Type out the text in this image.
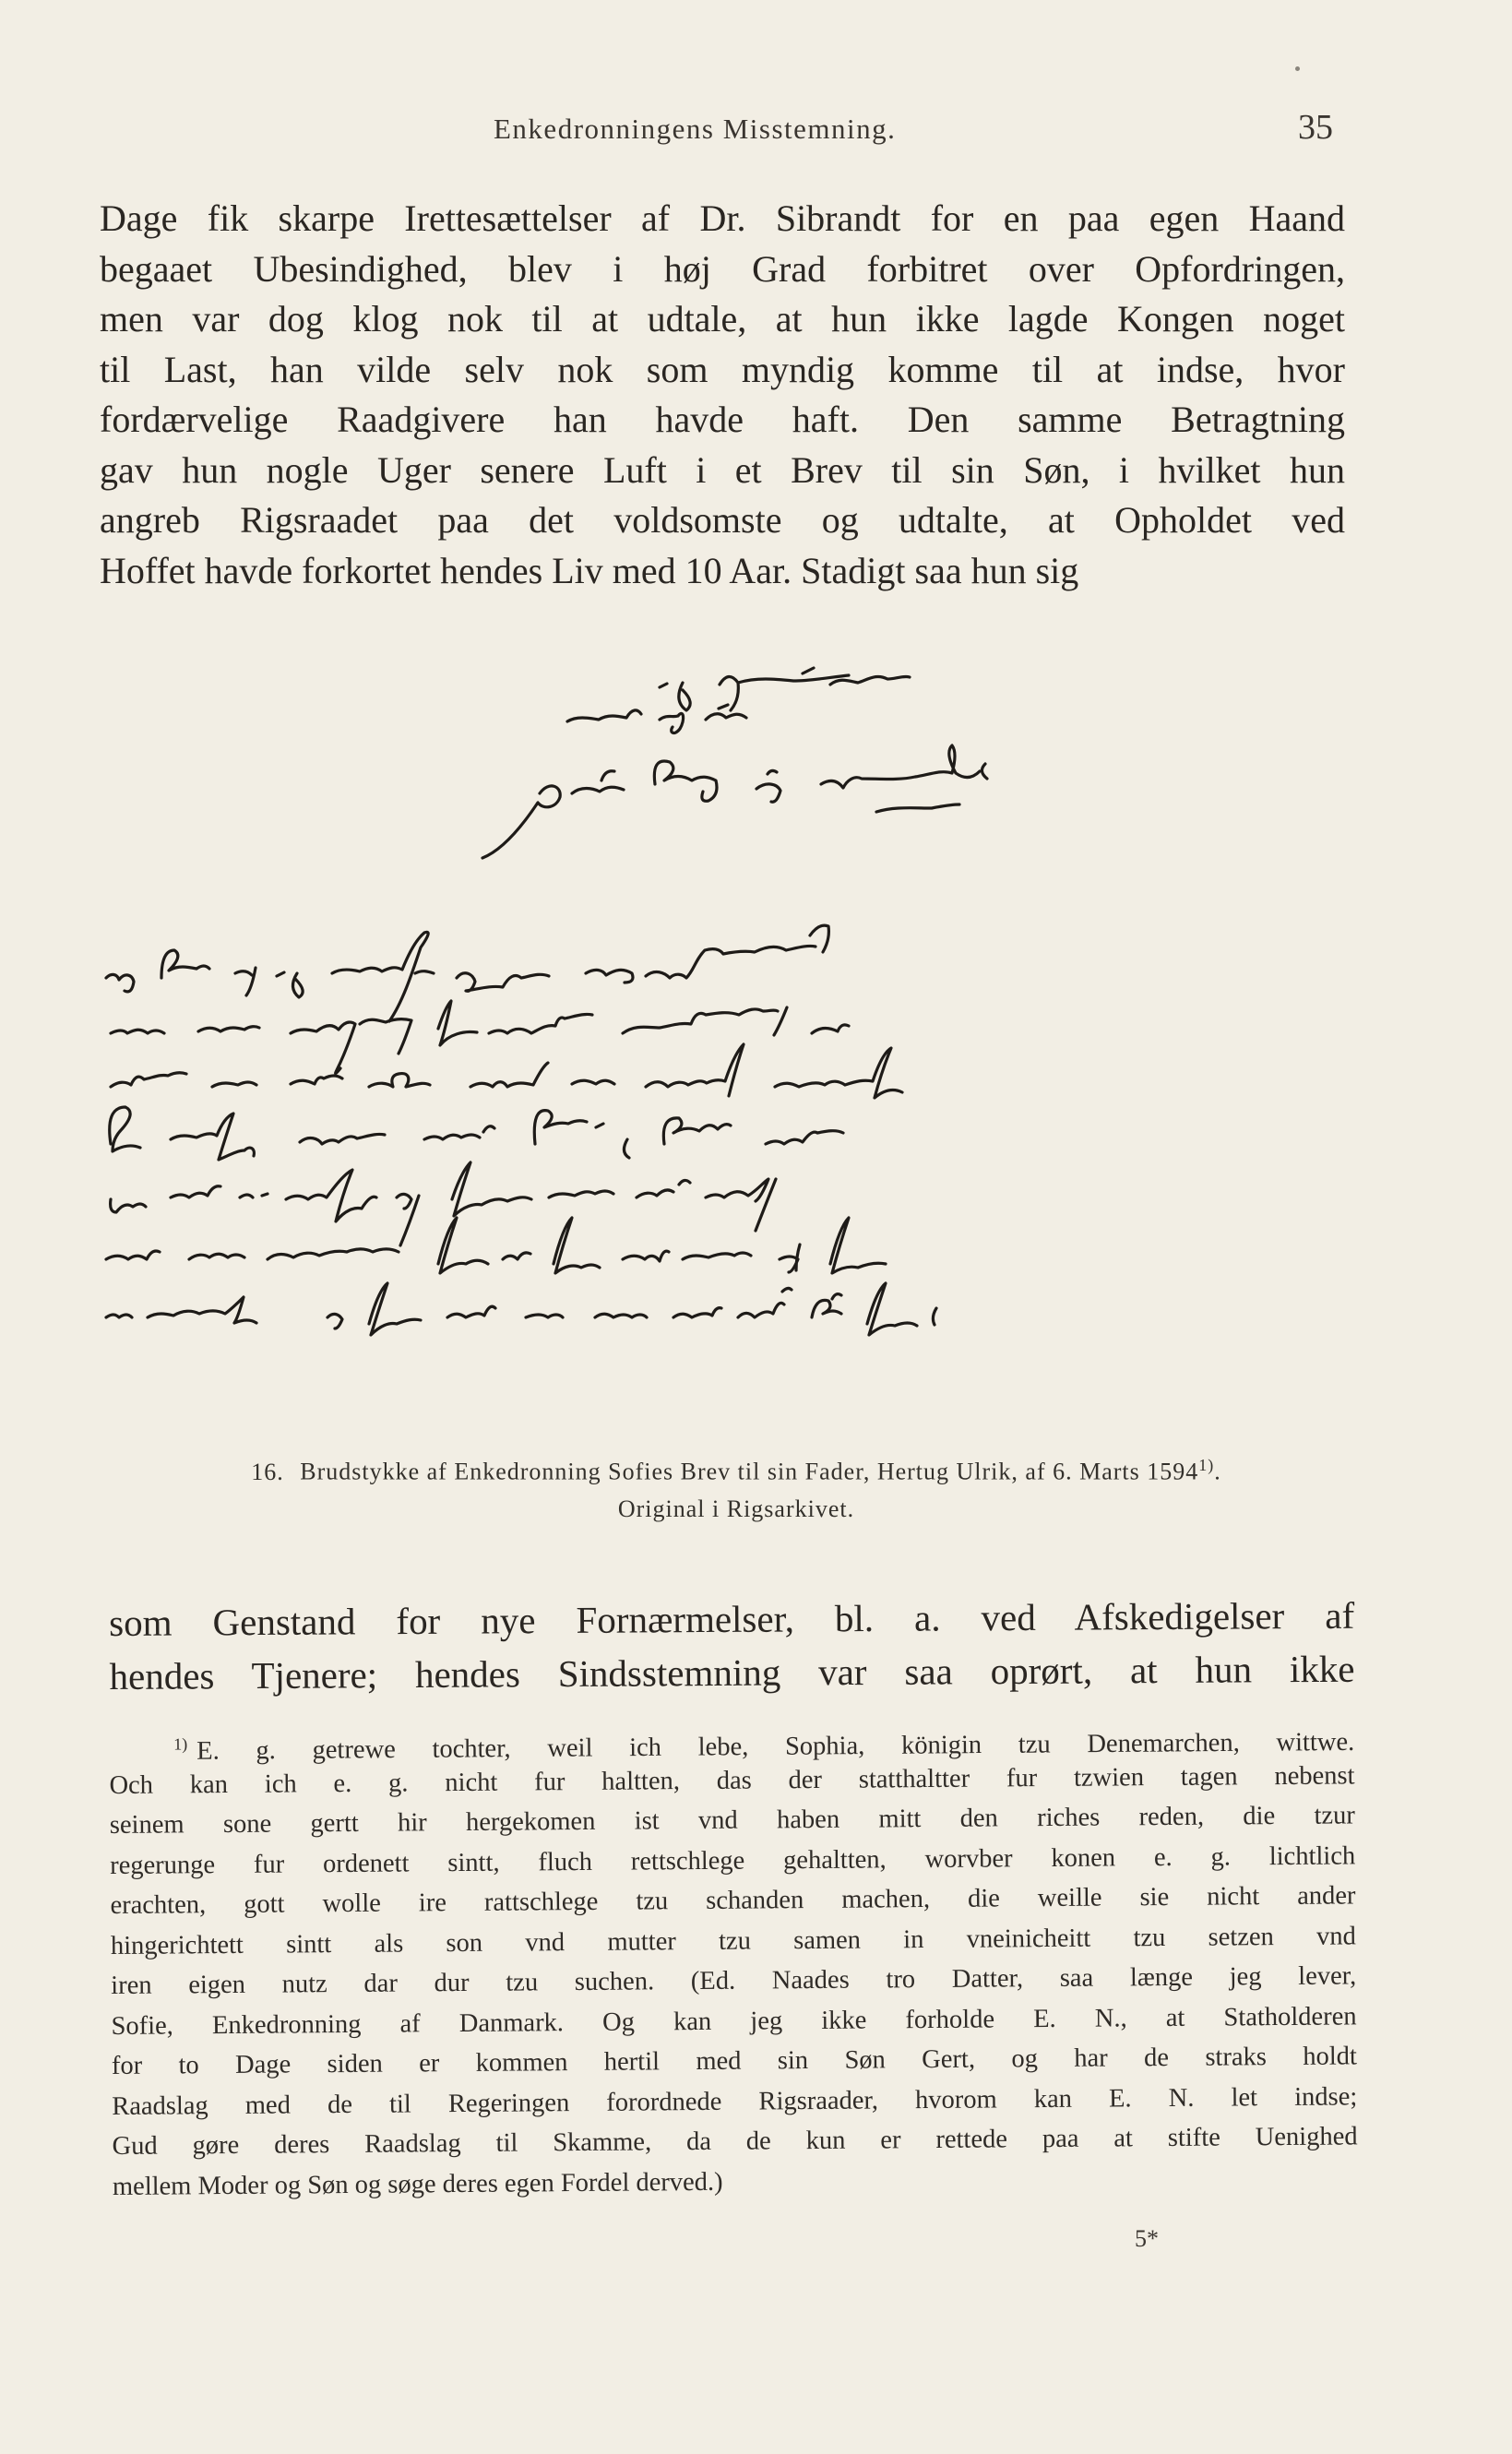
Enkedronningens Misstemning.	35
Dage fik skarpe Irettesættelser af Dr. Sibrandt for en paa egen Haand
begaaet Ubesindighed, blev i høj Grad forbitret over Opfordringen,
men var dog klog nok til at udtale, at hun ikke lagde Kongen noget
til Last, han vilde selv nok som myndig komme til at indse, hvor
fordærvelige Raadgivere han havde haft. Den samme Betragtning
gav hun nogle Uger senere Luft i et Brev til sin Søn, i hvilket hun
angreb Rigsraadet paa det voldsomste og udtalte, at Opholdet ved
Hoffet havde forkortet hendes Liv med 10 Aar. Stadigt saa hun sig
16. Brudstykke af Enkedronning Sofies Brev til sin Fader, Hertug Ulrik, af 6. Marts 1594$^{1)}$.
Original i Rigsarkivet.
som Genstand for nye Fornærmelser, bl. a. ved Afskedigelser af
hendes Tjenere; hendes Sindsstemning var saa oprørt, at hun ikke
$^{1)}$ E. g. getrewe tochter, weil ich lebe, Sophia, königin tzu Denemarchen, wittwe.
Och kan ich e. g. nicht fur haltten, das der statthaltter fur tzwien tagen nebenst
seinem sone gertt hir hergekomen ist vnd haben mitt den riches reden, die tzur
regerunge fur ordenett sintt, fluch rettschlege gehaltten, worvber konen e. g. lichtlich
erachten, gott wolle ire rattschlege tzu schanden machen, die weille sie nicht ander
hingerichtett sintt als son vnd mutter tzu samen in vneinicheitt tzu setzen vnd
iren eigen nutz dar dur tzu suchen. (Ed. Naades tro Datter, saa længe jeg lever,
Sofie, Enkedronning af Danmark. Og kan jeg ikke forholde E. N., at Statholderen
for to Dage siden er kommen hertil med sin Søn Gert, og har de straks holdt
Raadslag med de til Regeringen forordnede Rigsraader, hvorom kan E. N. let indse;
Gud gøre deres Raadslag til Skamme, da de kun er rettede paa at stifte Uenighed
mellem Moder og Søn og søge deres egen Fordel derved.)
5*
